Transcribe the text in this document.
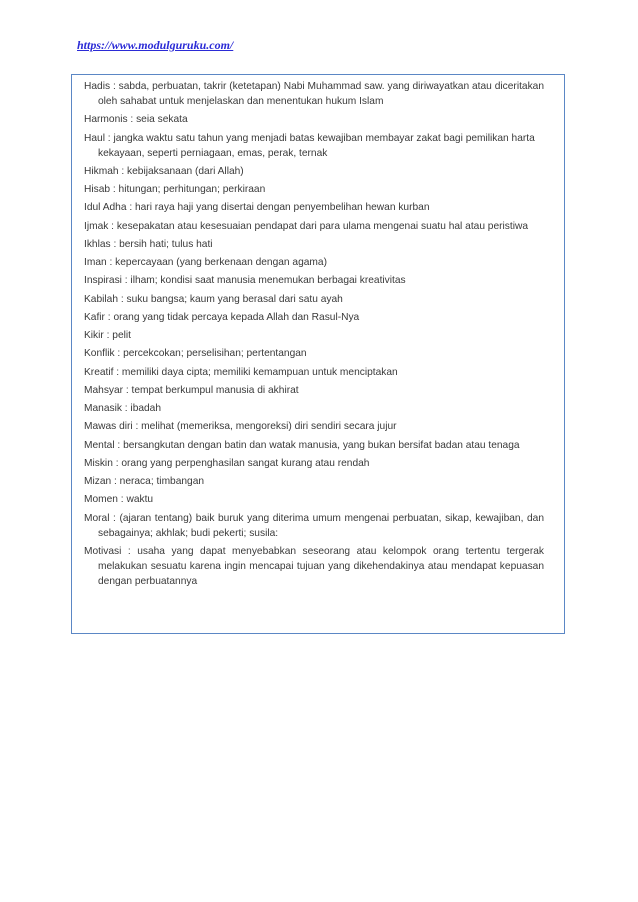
https://www.modulguruku.com/

Hadis : sabda, perbuatan, takrir (ketetapan) Nabi Muhammad saw. yang diriwayatkan atau diceritakan oleh sahabat untuk menjelaskan dan menentukan hukum Islam

Harmonis : seia sekata

Haul : jangka waktu satu tahun yang menjadi batas kewajiban membayar zakat bagi pemilikan harta kekayaan, seperti perniagaan, emas, perak, ternak

Hikmah : kebijaksanaan (dari Allah)

Hisab : hitungan; perhitungan; perkiraan

Idul Adha : hari raya haji yang disertai dengan penyembelihan hewan kurban

Ijmak : kesepakatan atau kesesuaian pendapat dari para ulama mengenai suatu hal atau peristiwa

Ikhlas : bersih hati; tulus hati

Iman : kepercayaan (yang berkenaan dengan agama)

Inspirasi : ilham; kondisi saat manusia menemukan berbagai kreativitas

Kabilah : suku bangsa; kaum yang berasal dari satu ayah

Kafir : orang yang tidak percaya kepada Allah dan Rasul-Nya

Kikir : pelit

Konflik : percekcokan; perselisihan; pertentangan

Kreatif : memiliki daya cipta; memiliki kemampuan untuk menciptakan

Mahsyar : tempat berkumpul manusia di akhirat

Manasik : ibadah

Mawas diri : melihat (memeriksa, mengoreksi) diri sendiri secara jujur

Mental : bersangkutan dengan batin dan watak manusia, yang bukan bersifat badan atau tenaga

Miskin : orang yang perpenghasilan sangat kurang atau rendah

Mizan : neraca; timbangan

Momen : waktu

Moral : (ajaran tentang) baik buruk yang diterima umum mengenai perbuatan, sikap, kewajiban, dan sebagainya; akhlak; budi pekerti; susila:

Motivasi : usaha yang dapat menyebabkan seseorang atau kelompok orang tertentu tergerak melakukan sesuatu karena ingin mencapai tujuan yang dikehendakinya atau mendapat kepuasan dengan perbuatannya
